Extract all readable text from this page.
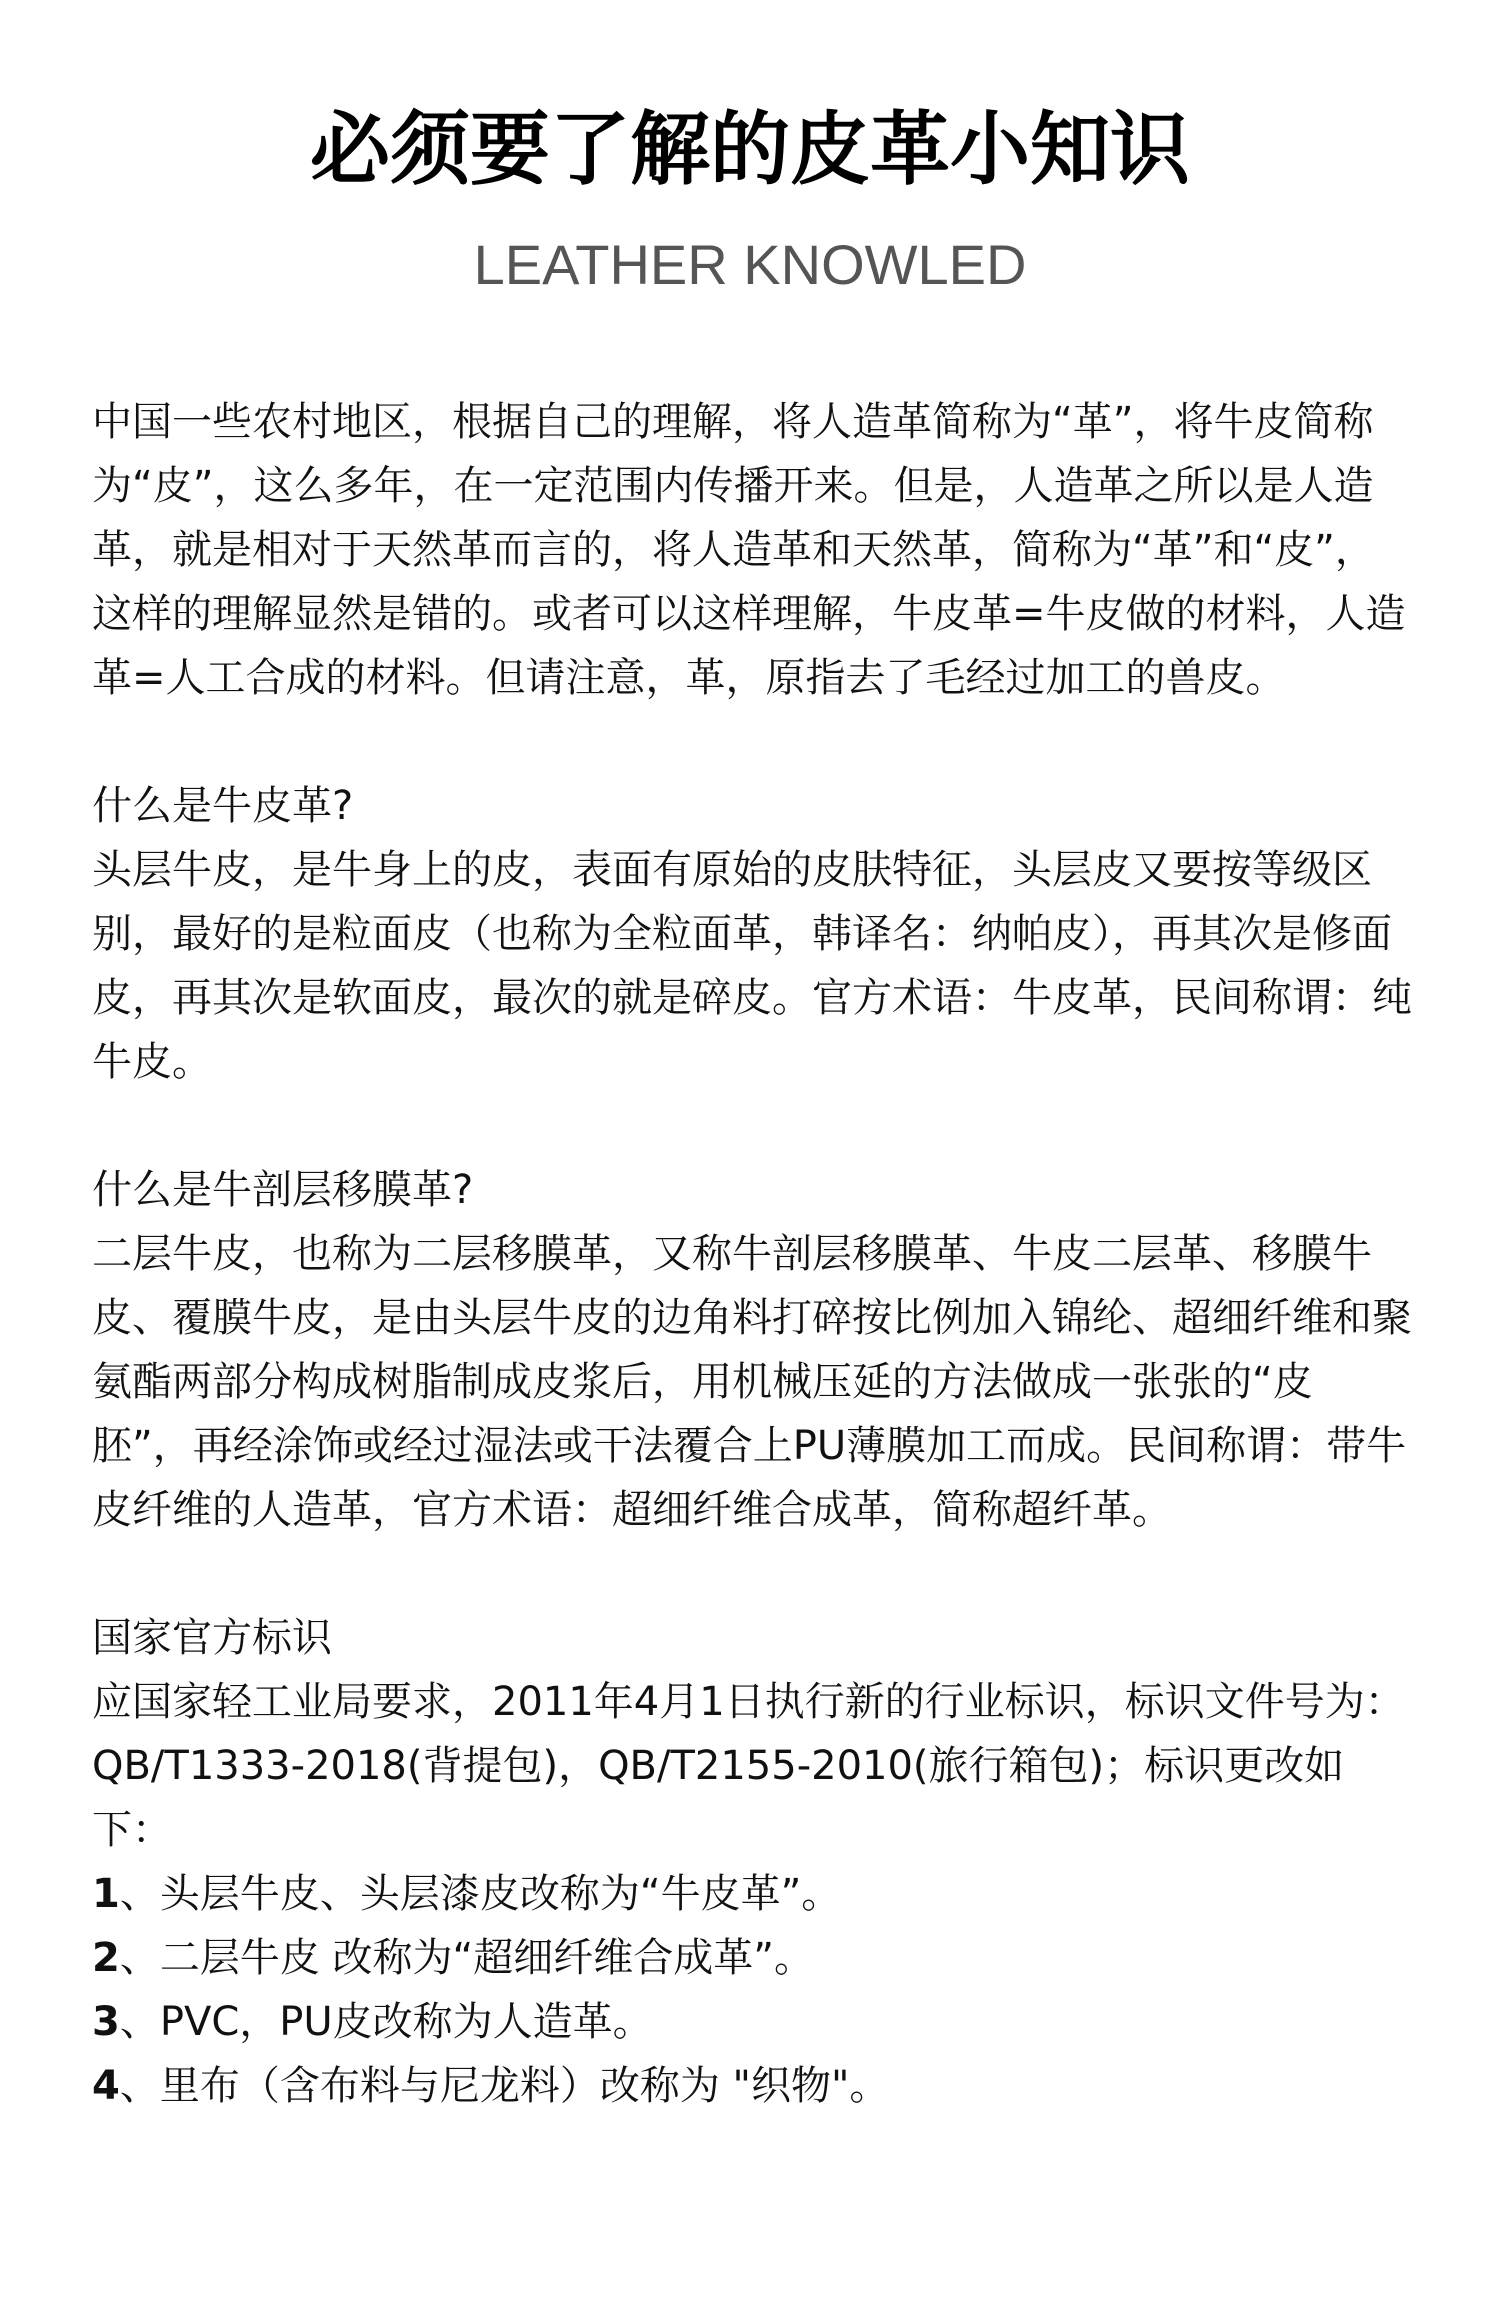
必须要了解的皮革小知识
LEATHER KNOWLED

中国一些农村地区，根据自己的理解，将人造革简称为“革”，将牛皮简称为“皮”，这么多年，在一定范围内传播开来。但是，人造革之所以是人造革，就是相对于天然革而言的，将人造革和天然革，简称为“革”和“皮”，这样的理解显然是错的。或者可以这样理解，牛皮革=牛皮做的材料，人造革=人工合成的材料。但请注意，革，原指去了毛经过加工的兽皮。

什么是牛皮革?

头层牛皮，是牛身上的皮，表面有原始的皮肤特征，头层皮又要按等级区别，最好的是粒面皮（也称为全粒面革，韩译名：纳帕皮），再其次是修面皮，再其次是软面皮，最次的就是碎皮。官方术语：牛皮革，民间称谓：纯牛皮。

什么是牛剖层移膜革?

二层牛皮，也称为二层移膜革，又称牛剖层移膜革、牛皮二层革、移膜牛皮、覆膜牛皮，是由头层牛皮的边角料打碎按比例加入锦纶、超细纤维和聚氨酯两部分构成树脂制成皮浆后，用机械压延的方法做成一张张的“皮胚”，再经涂饰或经过湿法或干法覆合上PU薄膜加工而成。民间称谓：带牛皮纤维的人造革，官方术语：超细纤维合成革，简称超纤革。

国家官方标识

应国家轻工业局要求，2011年4月1日执行新的行业标识，标识文件号为：QB/T1333-2018(背提包)，QB/T2155-2010(旅行箱包)；标识更改如下：

1、头层牛皮、头层漆皮改称为“牛皮革”。

2、二层牛皮 改称为“超细纤维合成革”。

3、PVC，PU皮改称为人造革。

4、里布（含布料与尼龙料）改称为 "织物"。
